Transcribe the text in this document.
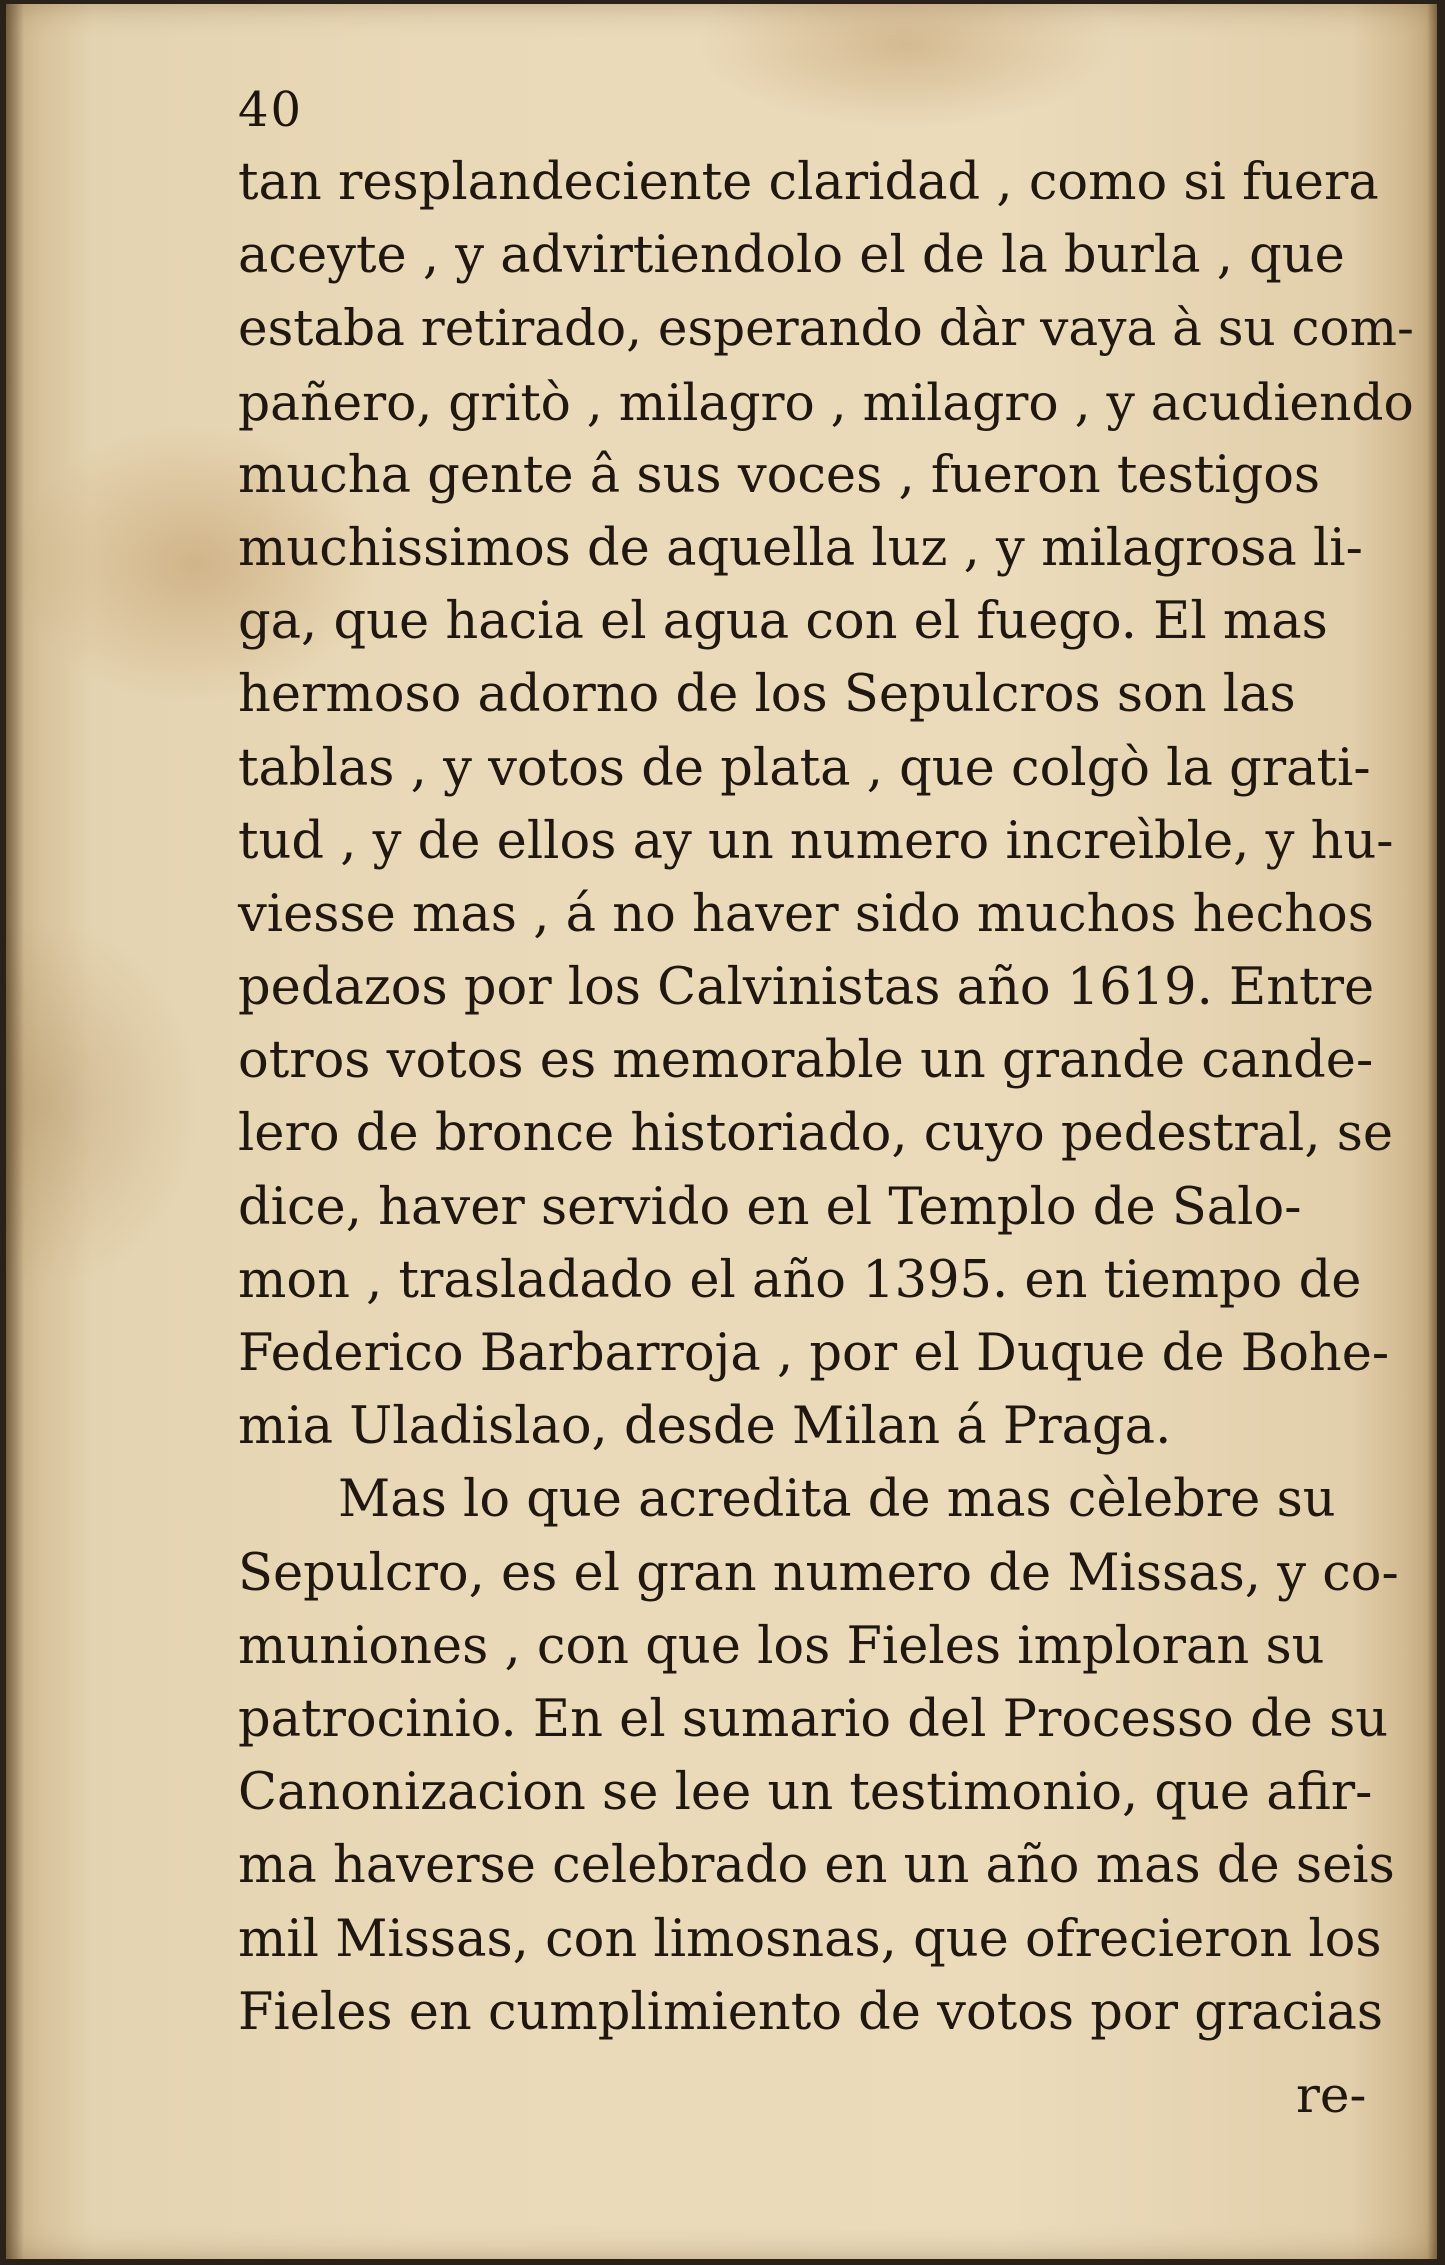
40
tan resplandeciente claridad , como si fuera
aceyte , y advirtiendolo el de la burla , que
estaba retirado, esperando dàr vaya à su com-
pañero, gritò , milagro , milagro , y acudiendo
mucha gente â sus voces , fueron testigos
muchissimos de aquella luz , y milagrosa li-
ga, que hacia el agua con el fuego. El mas
hermoso adorno de los Sepulcros son las
tablas , y votos de plata , que colgò la grati-
tud , y de ellos ay un numero increìble, y hu-
viesse mas , á no haver sido muchos hechos
pedazos por los Calvinistas año 1619. Entre
otros votos es memorable un grande cande-
lero de bronce historiado, cuyo pedestral, se
dice, haver servido en el Templo de Salo-
mon , trasladado el año 1395. en tiempo de
Federico Barbarroja , por el Duque de Bohe-
mia Uladislao, desde Milan á Praga.
Mas lo que acredita de mas cèlebre su
Sepulcro, es el gran numero de Missas, y co-
muniones , con que los Fieles imploran su
patrocinio. En el sumario del Processo de su
Canonizacion se lee un testimonio, que afir-
ma haverse celebrado en un año mas de seis
mil Missas, con limosnas, que ofrecieron los
Fieles en cumplimiento de votos por gracias
re-
